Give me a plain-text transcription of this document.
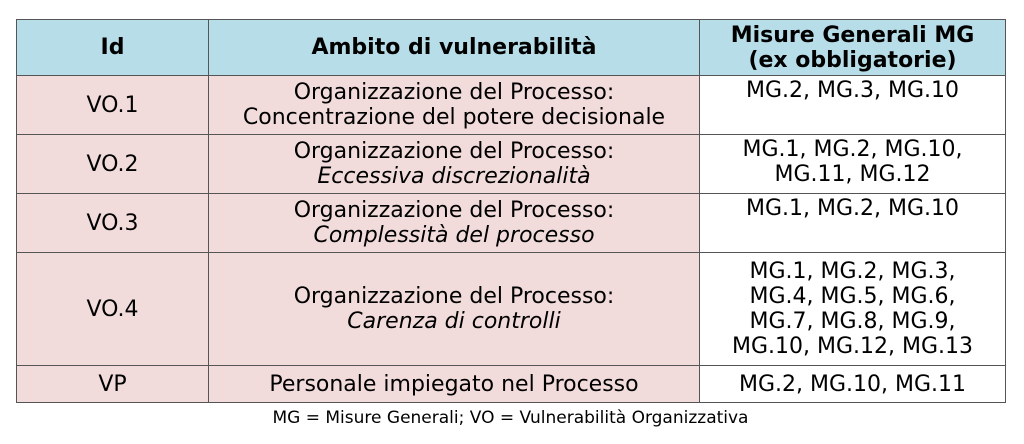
Id	Ambito di vulnerabilità	Misure Generali MG
(ex obbligatorie)

VO.1	Organizzazione del Processo:
Concentrazione del potere decisionale	MG.2, MG.3, MG.10

VO.2	Organizzazione del Processo:
Eccessiva discrezionalità	MG.1, MG.2, MG.10,
MG.11, MG.12

VO.3	Organizzazione del Processo:
Complessità del processo	MG.1, MG.2, MG.10

VO.4	Organizzazione del Processo:
Carenza di controlli	MG.1, MG.2, MG.3,
MG.4, MG.5, MG.6,
MG.7, MG.8, MG.9,
MG.10, MG.12, MG.13

VP	Personale impiegato nel Processo	MG.2, MG.10, MG.11
MG = Misure Generali; VO = Vulnerabilità Organizzativa
